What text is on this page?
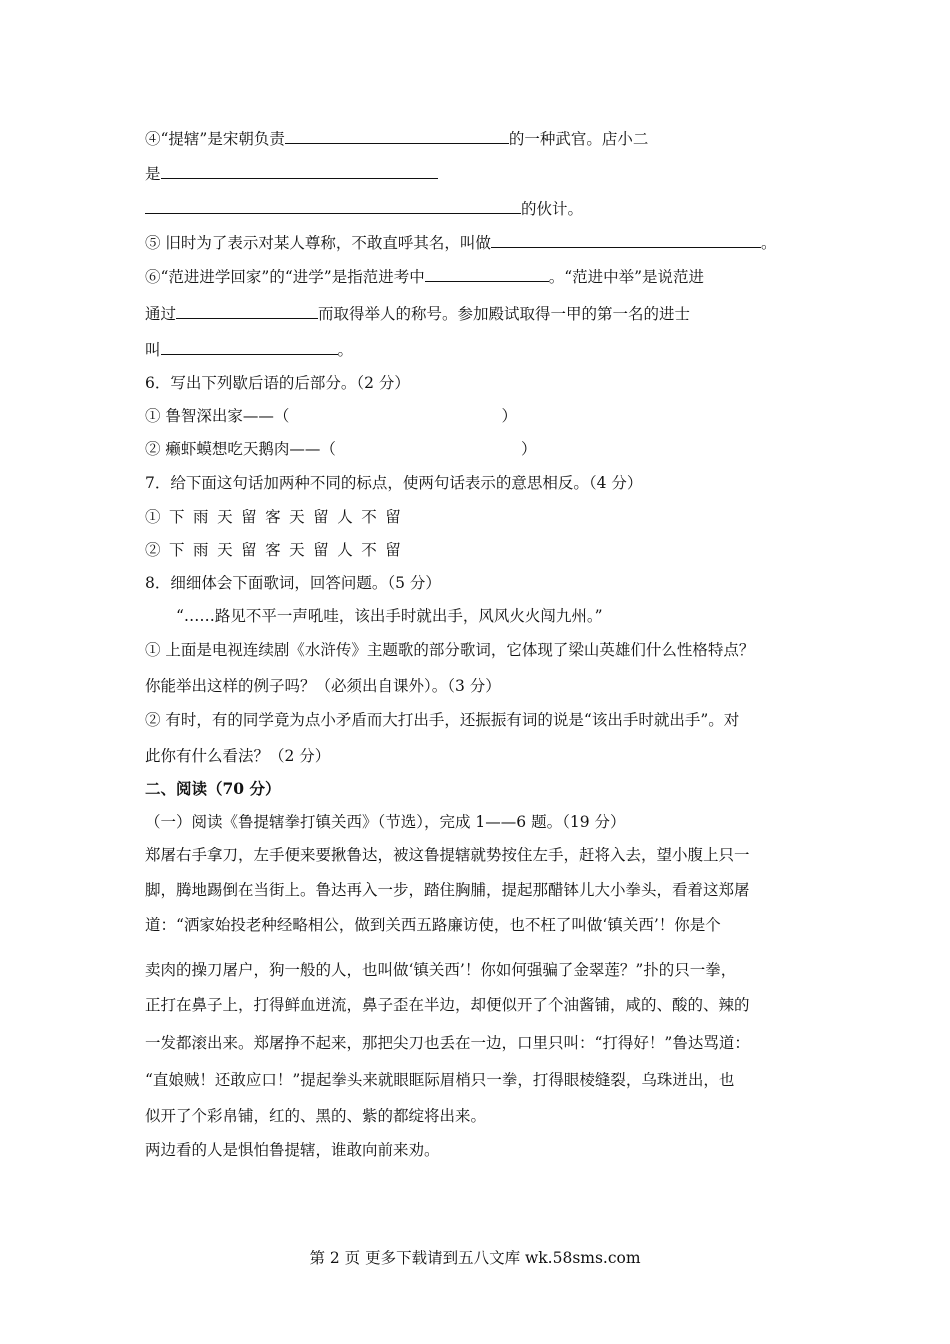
④“提辖”是宋朝负责	的一种武官。店小二
是
的伙计。
⑤ 旧时为了表示对某人尊称，不敢直呼其名，叫做	。
⑥“范进进学回家”的“进学”是指范进考中	。“范进中举”是说范进
通过	而取得举人的称号。参加殿试取得一甲的第一名的进士
叫	。
6．写出下列歇后语的后部分。（2 分）
① 鲁智深出家——（	）
② 癞虾蟆想吃天鹅肉——（	）
7．给下面这句话加两种不同的标点，使两句话表示的意思相反。（4 分）
①下雨天留客天留人不留
②下雨天留客天留人不留
8．细细体会下面歌词，回答问题。（5 分）
“……路见不平一声吼哇，该出手时就出手，风风火火闯九州。”
① 上面是电视连续剧《水浒传》主题歌的部分歌词，它体现了梁山英雄们什么性格特点？
你能举出这样的例子吗？（必须出自课外）。（3 分）
② 有时，有的同学竟为点小矛盾而大打出手，还振振有词的说是“该出手时就出手”。对
此你有什么看法？（2 分）
二、阅读（70 分）
（一）阅读《鲁提辖拳打镇关西》（节选），完成 1——6 题。（19 分）
郑屠右手拿刀，左手便来要揪鲁达，被这鲁提辖就势按住左手，赶将入去，望小腹上只一
脚，腾地踢倒在当街上。鲁达再入一步，踏住胸脯，提起那醋钵儿大小拳头，看着这郑屠
道：“洒家始投老种经略相公，做到关西五路廉访使，也不枉了叫做‘镇关西’！你是个
卖肉的操刀屠户，狗一般的人，也叫做‘镇关西’！你如何强骗了金翠莲？”扑的只一拳，
正打在鼻子上，打得鲜血迸流，鼻子歪在半边，却便似开了个油酱铺，咸的、酸的、辣的
一发都滚出来。郑屠挣不起来，那把尖刀也丢在一边，口里只叫：“打得好！”鲁达骂道：
“直娘贼！还敢应口！”提起拳头来就眼眶际眉梢只一拳，打得眼棱缝裂，乌珠迸出，也
似开了个彩帛铺，红的、黑的、紫的都绽将出来。
两边看的人是惧怕鲁提辖，谁敢向前来劝。
第 2 页 更多下载请到五八文库 wk.58sms.com
